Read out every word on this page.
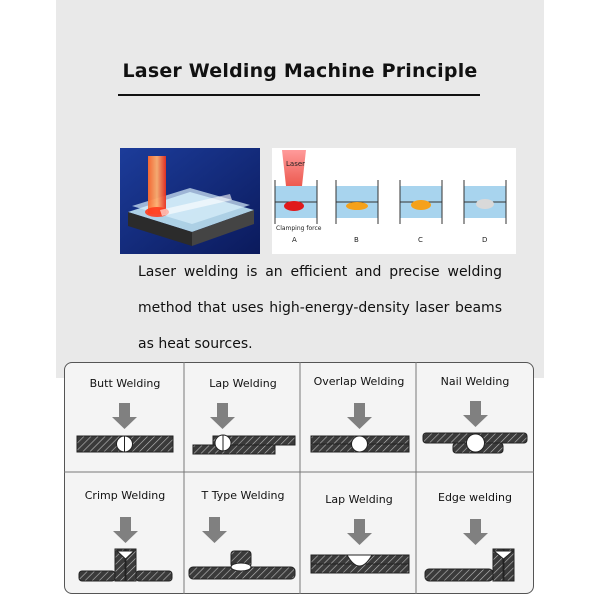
Laser Welding Machine Principle
Laser
Clamping force
A	B	C	D
Laser welding is an efficient and precise welding method that uses high-energy-density laser beams as heat sources.
Butt Welding	Lap Welding	Overlap Welding	Nail Welding
Crimp Welding	T Type Welding	Lap Welding	Edge welding
